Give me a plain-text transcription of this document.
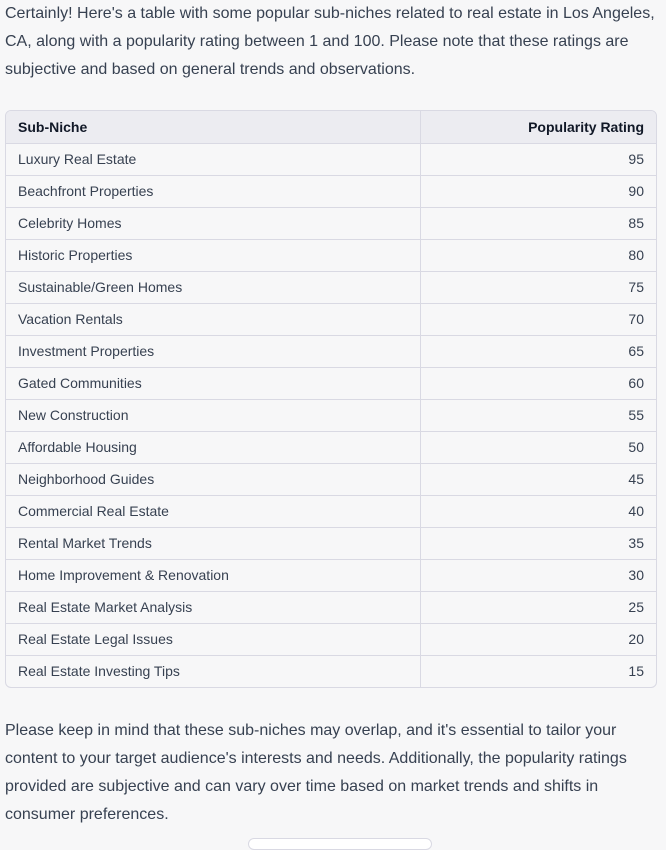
Certainly! Here's a table with some popular sub-niches related to real estate in Los Angeles, CA, along with a popularity rating between 1 and 100. Please note that these ratings are subjective and based on general trends and observations.

Sub-Niche	Popularity Rating
Luxury Real Estate	95
Beachfront Properties	90
Celebrity Homes	85
Historic Properties	80
Sustainable/Green Homes	75
Vacation Rentals	70
Investment Properties	65
Gated Communities	60
New Construction	55
Affordable Housing	50
Neighborhood Guides	45
Commercial Real Estate	40
Rental Market Trends	35
Home Improvement & Renovation	30
Real Estate Market Analysis	25
Real Estate Legal Issues	20
Real Estate Investing Tips	15

Please keep in mind that these sub-niches may overlap, and it's essential to tailor your content to your target audience's interests and needs. Additionally, the popularity ratings provided are subjective and can vary over time based on market trends and shifts in consumer preferences.
